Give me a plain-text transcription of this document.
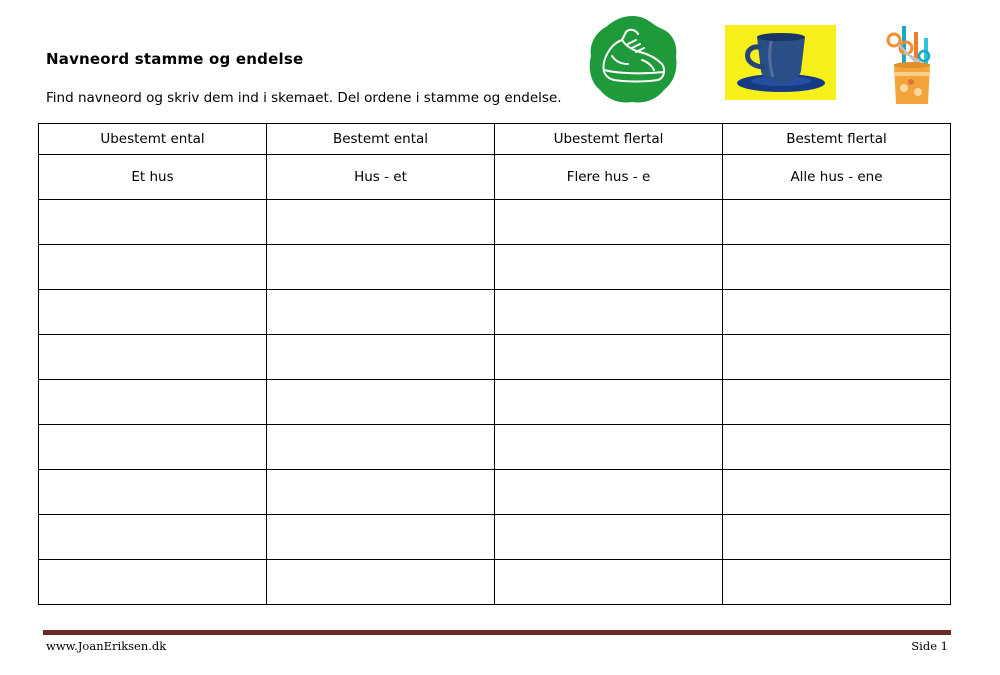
Navneord stamme og endelse
Find navneord og skriv dem ind i skemaet. Del ordene i stamme og endelse.
Ubestemt ental	Bestemt ental	Ubestemt flertal	Bestemt flertal
Et hus	Hus - et	Flere hus - e	Alle hus - ene

www.JoanEriksen.dk	Side 1
